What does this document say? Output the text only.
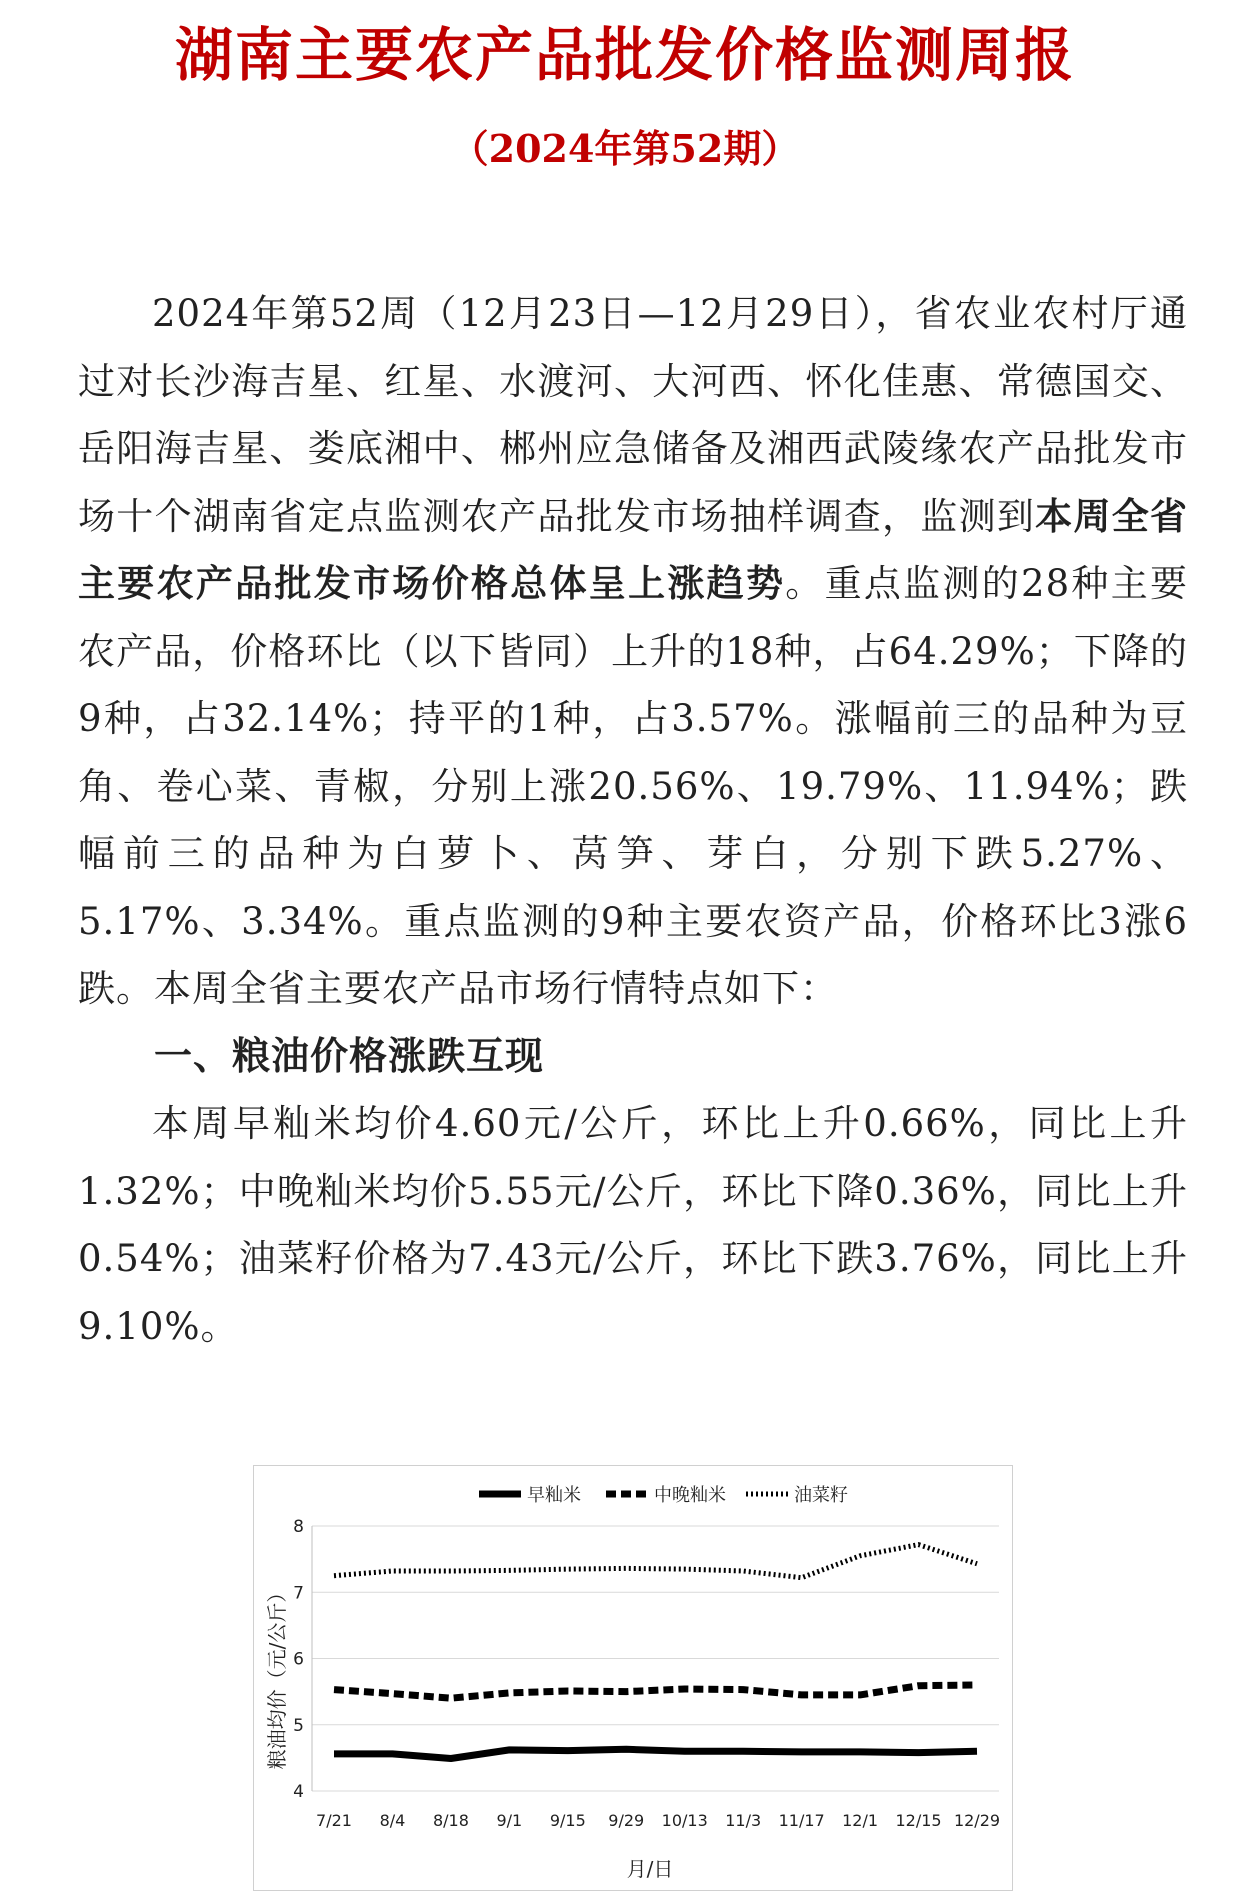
湖南主要农产品批发价格监测周报
（2024年第52期）

2024年第52周（12月23日—12月29日），省农业农村厅通过对长沙海吉星、红星、水渡河、大河西、怀化佳惠、常德国交、岳阳海吉星、娄底湘中、郴州应急储备及湘西武陵缘农产品批发市场十个湖南省定点监测农产品批发市场抽样调查，监测到本周全省主要农产品批发市场价格总体呈上涨趋势。重点监测的28种主要农产品，价格环比（以下皆同）上升的18种，占64.29%；下降的9种，占32.14%；持平的1种，占3.57%。涨幅前三的品种为豆角、卷心菜、青椒，分别上涨20.56%、19.79%、11.94%；跌幅前三的品种为白萝卜、莴笋、芽白，分别下跌5.27%、5.17%、3.34%。重点监测的9种主要农资产品，价格环比3涨6跌。本周全省主要农产品市场行情特点如下：

一、粮油价格涨跌互现

本周早籼米均价4.60元/公斤，环比上升0.66%，同比上升1.32%；中晚籼米均价5.55元/公斤，环比下降0.36%，同比上升0.54%；油菜籽价格为7.43元/公斤，环比下跌3.76%，同比上升9.10%。

早籼米	中晚籼米	油菜籽
4
5
6
7
8
7/21 8/4 8/18 9/1 9/15 9/29 10/13 11/3 11/17 12/1 12/15 12/29
粮油均价（元/公斤）
月/日
